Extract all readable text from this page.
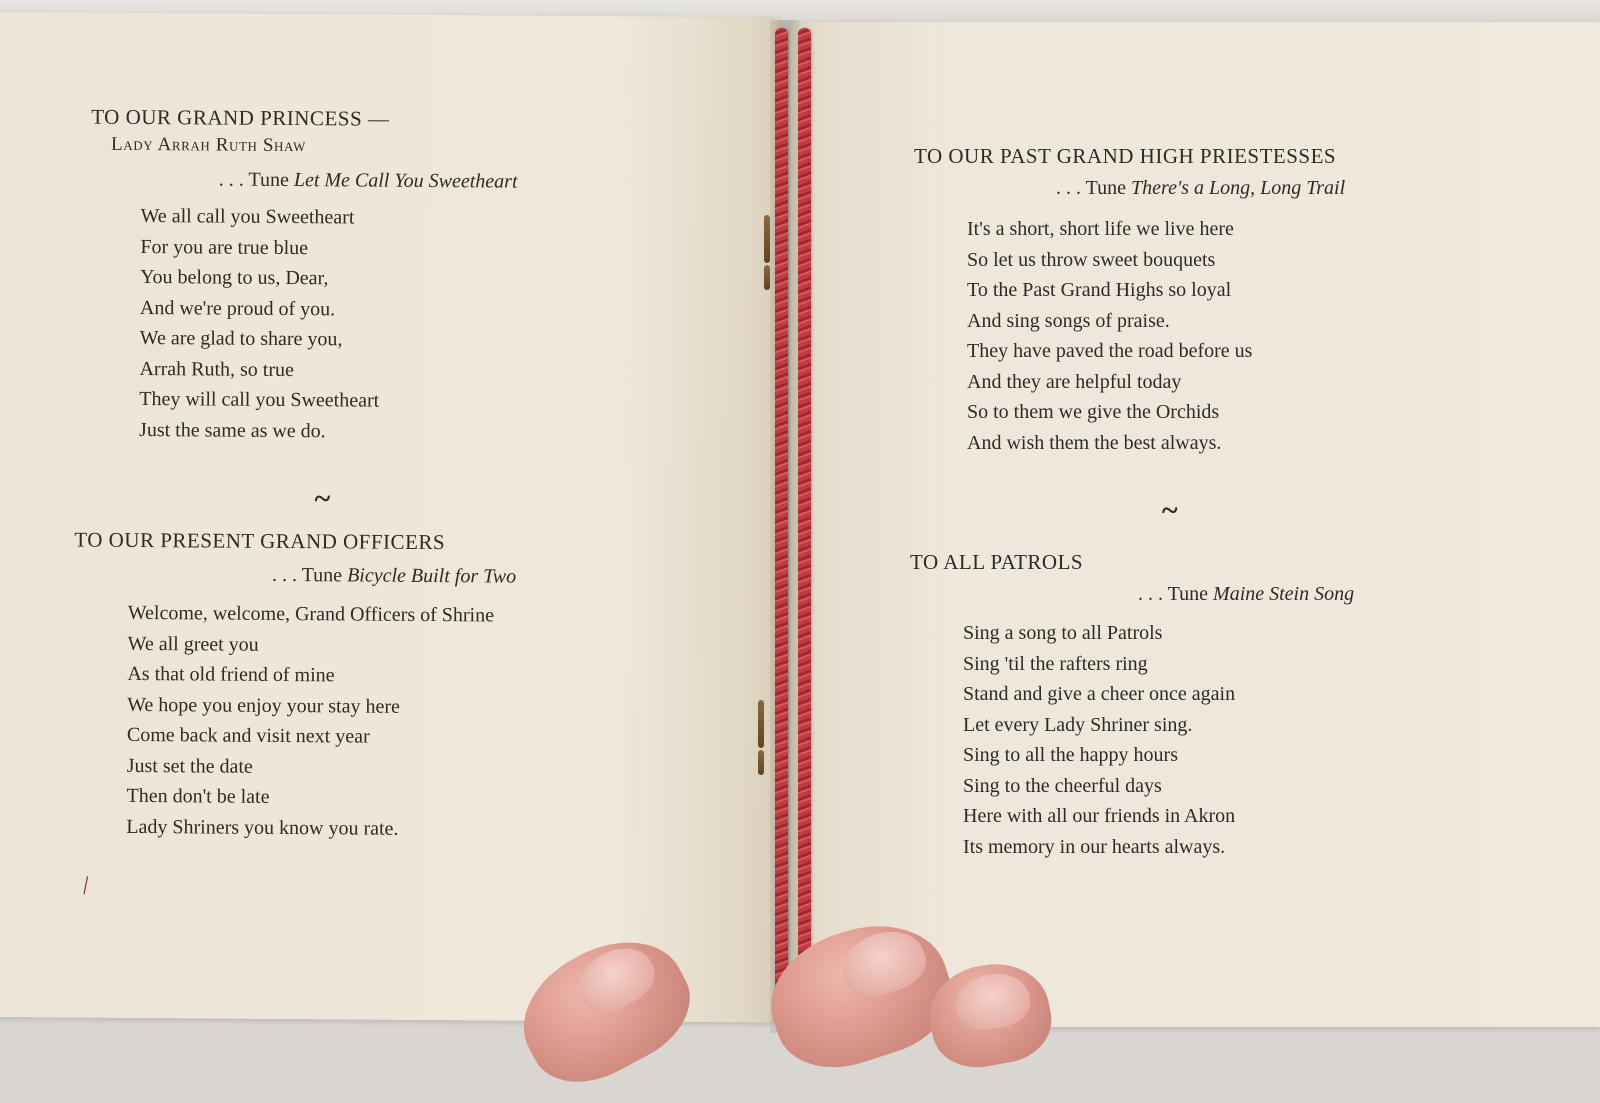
TO OUR GRAND PRINCESS —
Lady Arrah Ruth Shaw
. . . Tune Let Me Call You Sweetheart
We all call you Sweetheart
For you are true blue
You belong to us, Dear,
And we're proud of you.
We are glad to share you,
Arrah Ruth, so true
They will call you Sweetheart
Just the same as we do.
~
TO OUR PRESENT GRAND OFFICERS
. . . Tune Bicycle Built for Two
Welcome, welcome, Grand Officers of Shrine
We all greet you
As that old friend of mine
We hope you enjoy your stay here
Come back and visit next year
Just set the date
Then don't be late
Lady Shriners you know you rate.
\
TO OUR PAST GRAND HIGH PRIESTESSES
. . . Tune There's a Long, Long Trail
It's a short, short life we live here
So let us throw sweet bouquets
To the Past Grand Highs so loyal
And sing songs of praise.
They have paved the road before us
And they are helpful today
So to them we give the Orchids
And wish them the best always.
~
TO ALL PATROLS
. . . Tune Maine Stein Song
Sing a song to all Patrols
Sing 'til the rafters ring
Stand and give a cheer once again
Let every Lady Shriner sing.
Sing to all the happy hours
Sing to the cheerful days
Here with all our friends in Akron
Its memory in our hearts always.
